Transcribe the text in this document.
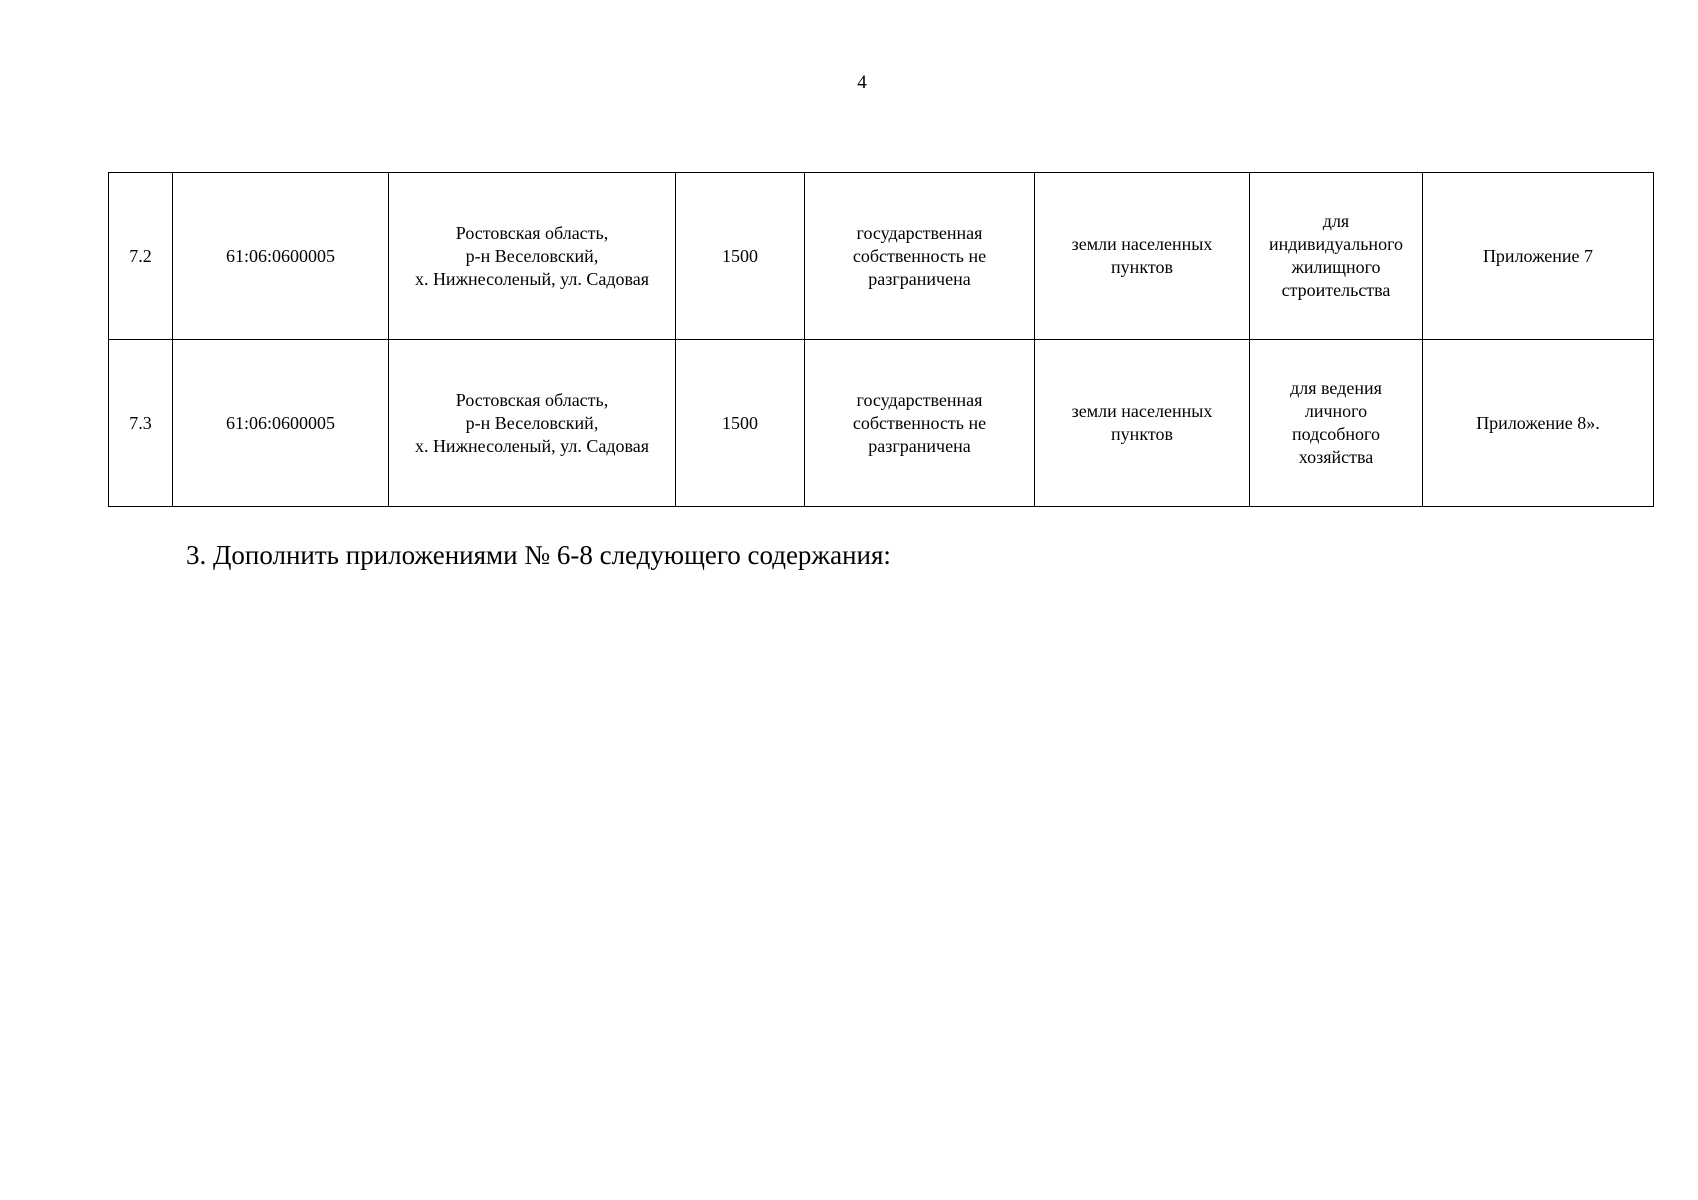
4
7.2	61:06:0600005	Ростовская область,
р-н Веселовский,
х. Нижнесоленый, ул. Садовая	1500	государственная
собственность не
разграничена	земли населенных
пунктов	для
индивидуального
жилищного
строительства	Приложение 7
7.3	61:06:0600005	Ростовская область,
р-н Веселовский,
х. Нижнесоленый, ул. Садовая	1500	государственная
собственность не
разграничена	земли населенных
пунктов	для ведения
личного
подсобного
хозяйства	Приложение 8».
3. Дополнить приложениями № 6-8 следующего содержания:
